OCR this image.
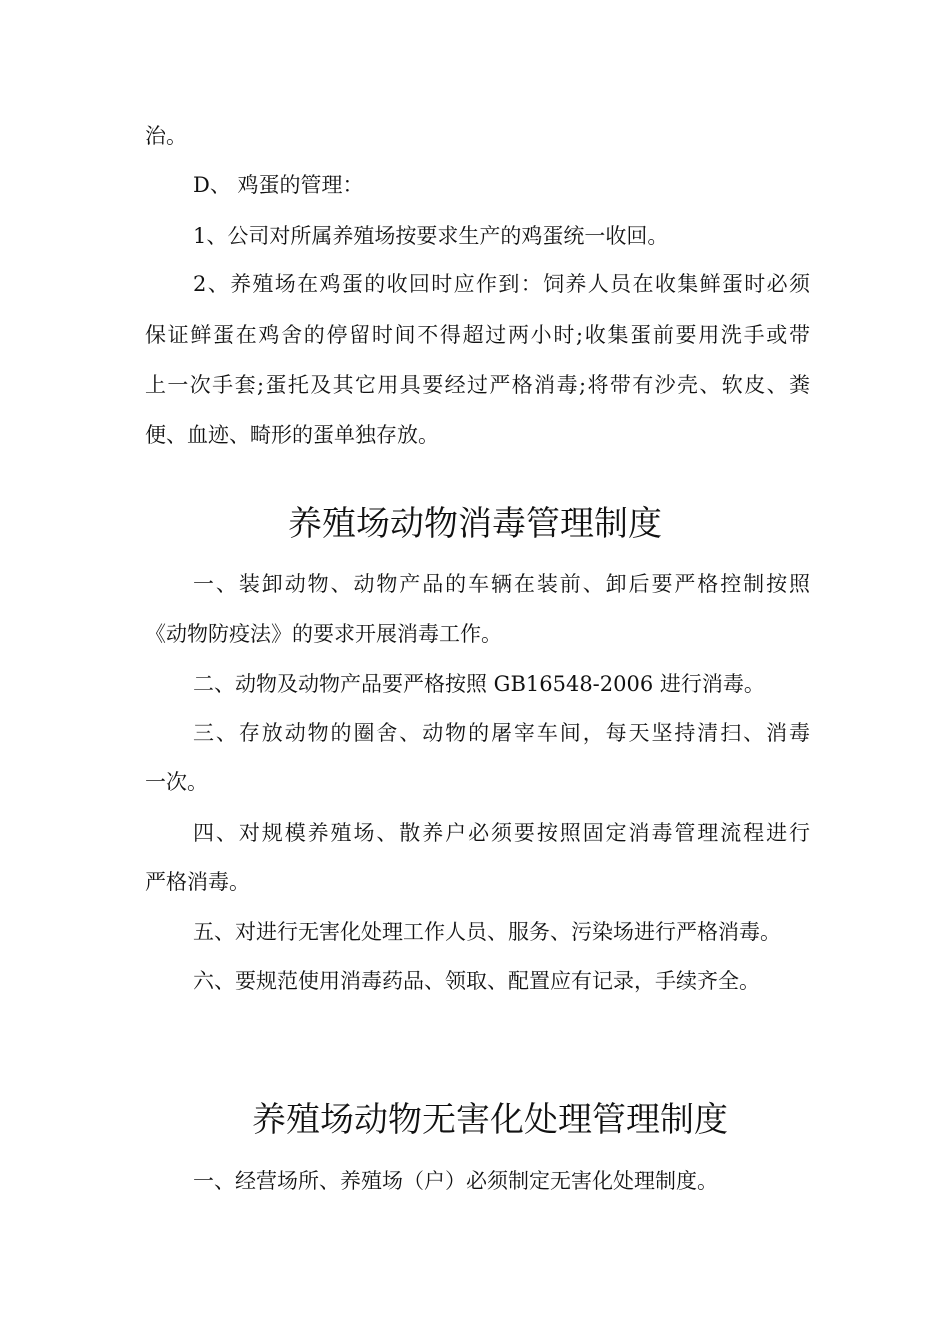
治。
D、 鸡蛋的管理：
1、公司对所属养殖场按要求生产的鸡蛋统一收回。
2、养殖场在鸡蛋的收回时应作到：饲养人员在收集鲜蛋时必须
保证鲜蛋在鸡舍的停留时间不得超过两小时;收集蛋前要用洗手或带
上一次手套;蛋托及其它用具要经过严格消毒;将带有沙壳、软皮、粪
便、血迹、畸形的蛋单独存放。
养殖场动物消毒管理制度
一、装卸动物、动物产品的车辆在装前、卸后要严格控制按照
《动物防疫法》的要求开展消毒工作。
二、动物及动物产品要严格按照 GB16548-2006 进行消毒。
三、存放动物的圈舍、动物的屠宰车间，每天坚持清扫、消毒
一次。
四、对规模养殖场、散养户必须要按照固定消毒管理流程进行
严格消毒。
五、对进行无害化处理工作人员、服务、污染场进行严格消毒。
六、要规范使用消毒药品、领取、配置应有记录，手续齐全。
养殖场动物无害化处理管理制度
一、经营场所、养殖场（户）必须制定无害化处理制度。
